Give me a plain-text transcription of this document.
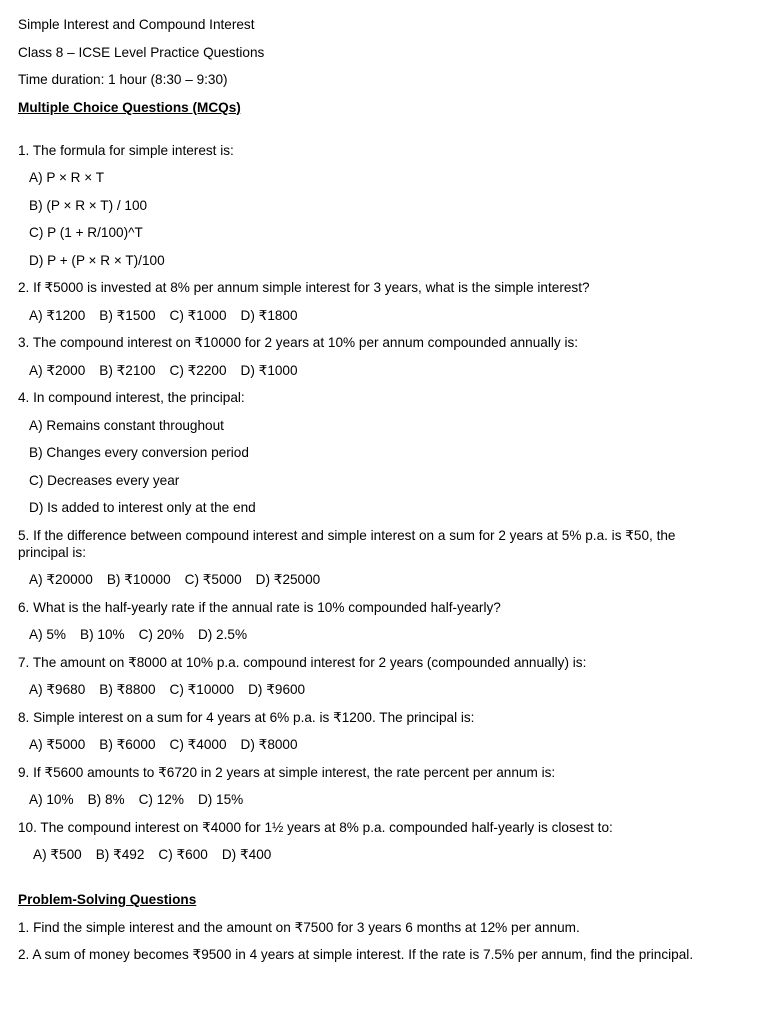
Simple Interest and Compound Interest
Class 8 – ICSE Level Practice Questions
Time duration: 1 hour (8:30 – 9:30)
Multiple Choice Questions (MCQs)
1. The formula for simple interest is:
A) P × R × T
B) (P × R × T) / 100
C) P (1 + R/100)^T
D) P + (P × R × T)/100
2. If ₹5000 is invested at 8% per annum simple interest for 3 years, what is the simple interest?
A) ₹1200 B) ₹1500 C) ₹1000 D) ₹1800
3. The compound interest on ₹10000 for 2 years at 10% per annum compounded annually is:
A) ₹2000 B) ₹2100 C) ₹2200 D) ₹1000
4. In compound interest, the principal:
A) Remains constant throughout
B) Changes every conversion period
C) Decreases every year
D) Is added to interest only at the end
5. If the difference between compound interest and simple interest on a sum for 2 years at 5% p.a. is ₹50, the principal is:
A) ₹20000 B) ₹10000 C) ₹5000 D) ₹25000
6. What is the half-yearly rate if the annual rate is 10% compounded half-yearly?
A) 5% B) 10% C) 20% D) 2.5%
7. The amount on ₹8000 at 10% p.a. compound interest for 2 years (compounded annually) is:
A) ₹9680 B) ₹8800 C) ₹10000 D) ₹9600
8. Simple interest on a sum for 4 years at 6% p.a. is ₹1200. The principal is:
A) ₹5000 B) ₹6000 C) ₹4000 D) ₹8000
9. If ₹5600 amounts to ₹6720 in 2 years at simple interest, the rate percent per annum is:
A) 10% B) 8% C) 12% D) 15%
10. The compound interest on ₹4000 for 1½ years at 8% p.a. compounded half-yearly is closest to:
A) ₹500 B) ₹492 C) ₹600 D) ₹400
Problem-Solving Questions
1. Find the simple interest and the amount on ₹7500 for 3 years 6 months at 12% per annum.
2. A sum of money becomes ₹9500 in 4 years at simple interest. If the rate is 7.5% per annum, find the principal.
